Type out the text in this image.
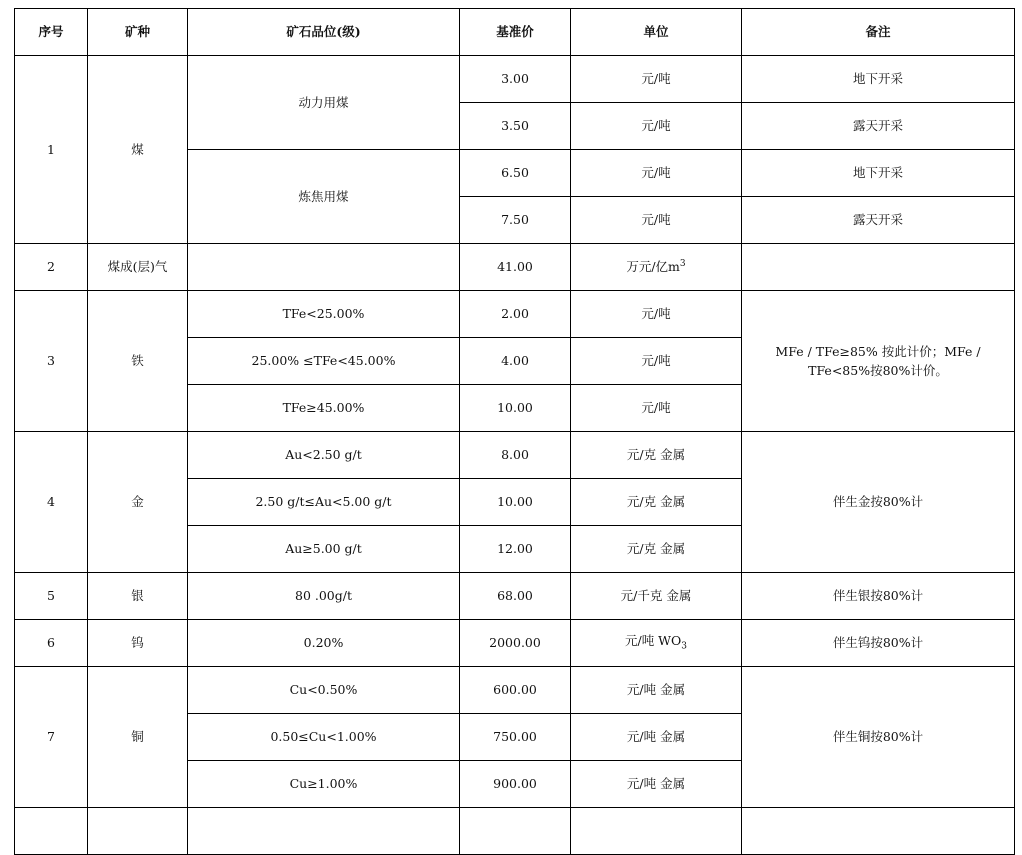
序号	矿种	矿石品位(级)	基准价	单位	备注
1	煤	动力用煤	3.00	元/吨	地下开采
			3.50	元/吨	露天开采
		炼焦用煤	6.50	元/吨	地下开采
			7.50	元/吨	露天开采
2	煤成(层)气		41.00	万元/亿$m^3$	
3	铁	TFe<25.00%	2.00	元/吨	MFe / TFe≥85% 按此计价；MFe / TFe<85%按80%计价。
		25.00% ≤TFe<45.00%	4.00	元/吨	
		TFe≥45.00%	10.00	元/吨	
4	金	Au<2.50 g/t	8.00	元/克 金属	伴生金按80%计
		2.50 g/t≤Au<5.00 g/t	10.00	元/克 金属	
		Au≥5.00 g/t	12.00	元/克 金属	
5	银	80 .00g/t	68.00	元/千克 金属	伴生银按80%计
6	钨	0.20%	2000.00	元/吨 $WO_3$	伴生钨按80%计
7	铜	Cu<0.50%	600.00	元/吨 金属	伴生铜按80%计
		0.50≤Cu<1.00%	750.00	元/吨 金属	
		Cu≥1.00%	900.00	元/吨 金属	
